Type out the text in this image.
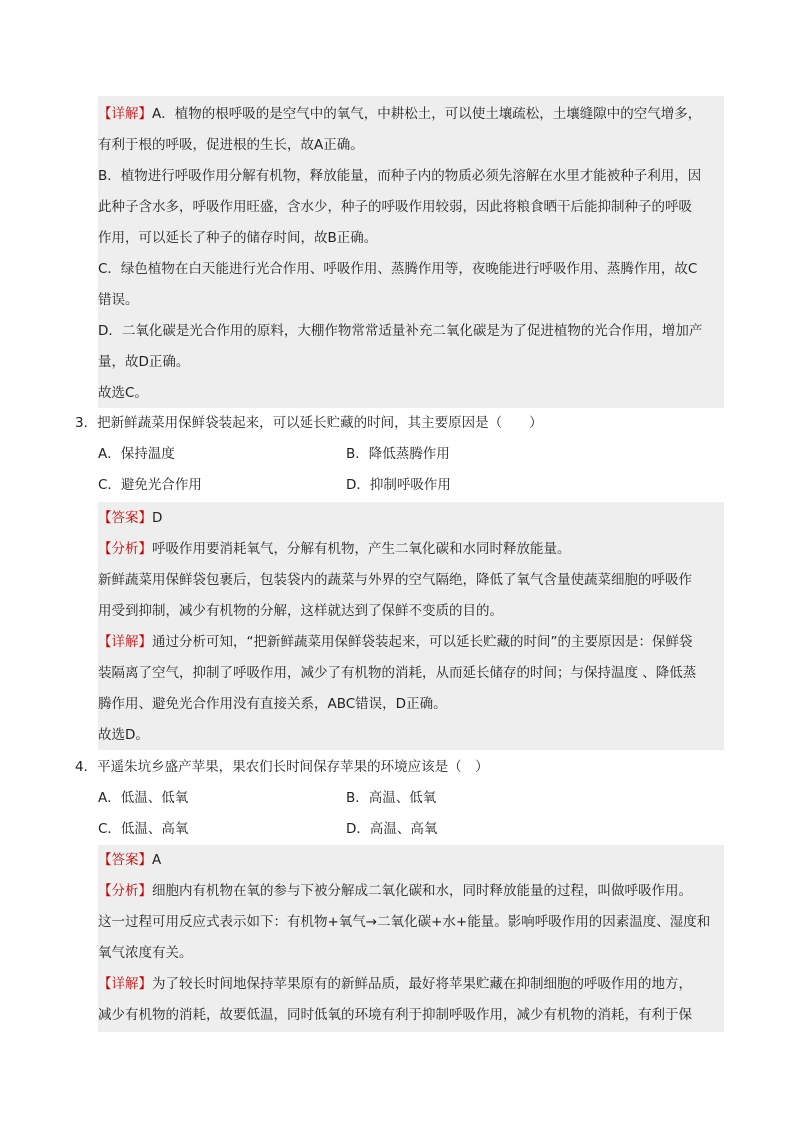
【详解】A．植物的根呼吸的是空气中的氧气，中耕松土，可以使土壤疏松，土壤缝隙中的空气增多，
有利于根的呼吸，促进根的生长，故A正确。
B．植物进行呼吸作用分解有机物，释放能量，而种子内的物质必须先溶解在水里才能被种子利用，因
此种子含水多，呼吸作用旺盛，含水少，种子的呼吸作用较弱，因此将粮食晒干后能抑制种子的呼吸
作用，可以延长了种子的储存时间，故B正确。
C．绿色植物在白天能进行光合作用、呼吸作用、蒸腾作用等，夜晚能进行呼吸作用、蒸腾作用，故C
错误。
D．二氧化碳是光合作用的原料，大棚作物常常适量补充二氧化碳是为了促进植物的光合作用，增加产
量，故D正确。
故选C。
3．把新鲜蔬菜用保鲜袋装起来，可以延长贮藏的时间，其主要原因是（　　）
A．保持温度	B．降低蒸腾作用
C．避免光合作用	D．抑制呼吸作用
【答案】D
【分析】呼吸作用要消耗氧气，分解有机物，产生二氧化碳和水同时释放能量。
新鲜蔬菜用保鲜袋包裹后，包装袋内的蔬菜与外界的空气隔绝，降低了氧气含量使蔬菜细胞的呼吸作
用受到抑制，减少有机物的分解，这样就达到了保鲜不变质的目的。
【详解】通过分析可知，“把新鲜蔬菜用保鲜袋装起来，可以延长贮藏的时间”的主要原因是：保鲜袋
装隔离了空气，抑制了呼吸作用，减少了有机物的消耗，从而延长储存的时间；与保持温度 、降低蒸
腾作用、避免光合作用没有直接关系，ABC错误，D正确。
故选D。
4．平遥朱坑乡盛产苹果，果农们长时间保存苹果的环境应该是（　）
A．低温、低氧	B．高温、低氧
C．低温、高氧	D．高温、高氧
【答案】A
【分析】细胞内有机物在氧的参与下被分解成二氧化碳和水，同时释放能量的过程，叫做呼吸作用。
这一过程可用反应式表示如下：有机物+氧气→二氧化碳+水+能量。影响呼吸作用的因素温度、湿度和
氧气浓度有关。
【详解】为了较长时间地保持苹果原有的新鲜品质，最好将苹果贮藏在抑制细胞的呼吸作用的地方，
减少有机物的消耗，故要低温，同时低氧的环境有利于抑制呼吸作用，减少有机物的消耗，有利于保
